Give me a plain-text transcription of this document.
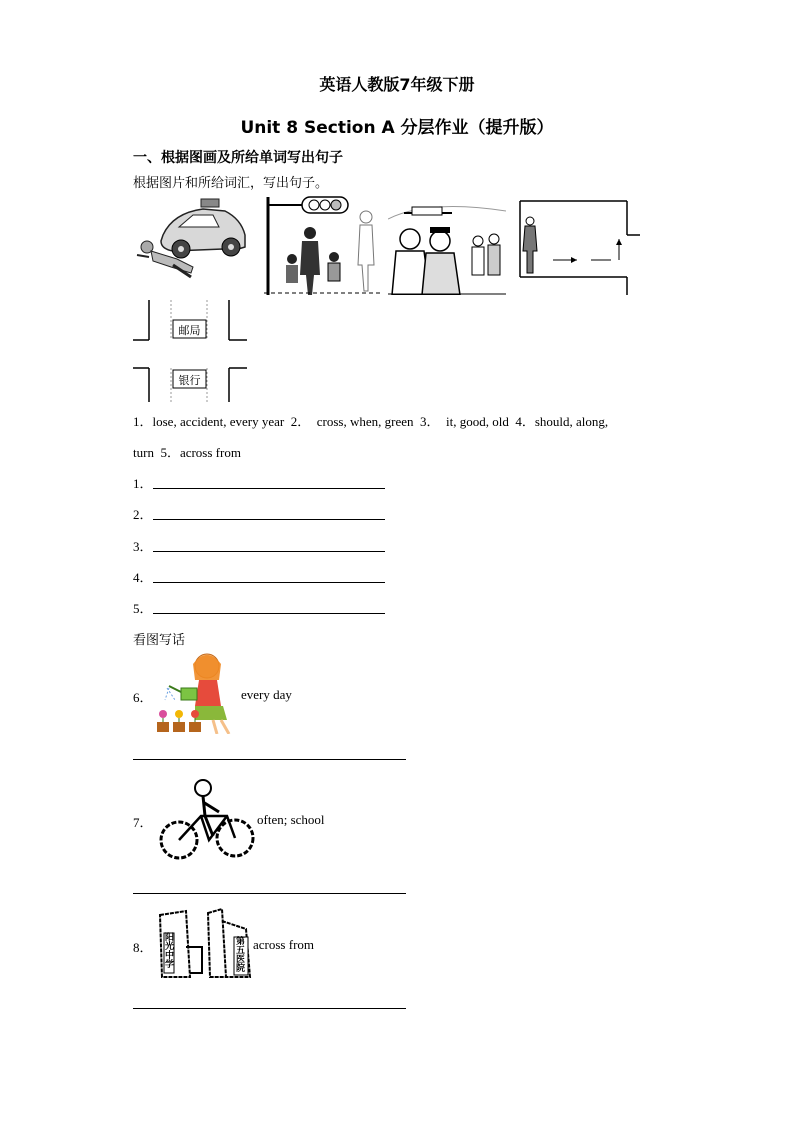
英语人教版7年级下册
Unit 8 Section A 分层作业（提升版）
一、根据图画及所给单词写出句子
根据图片和所给词汇，写出句子。
邮局
银行
1．lose, accident, every year  2．  cross, when, green  3．  it, good, old  4．should, along,
turn  5．across from
1．
2．
3．
4．
5．
看图写话
6．	every day
7．	often; school
8．
阳光中学
第五医院
across from
